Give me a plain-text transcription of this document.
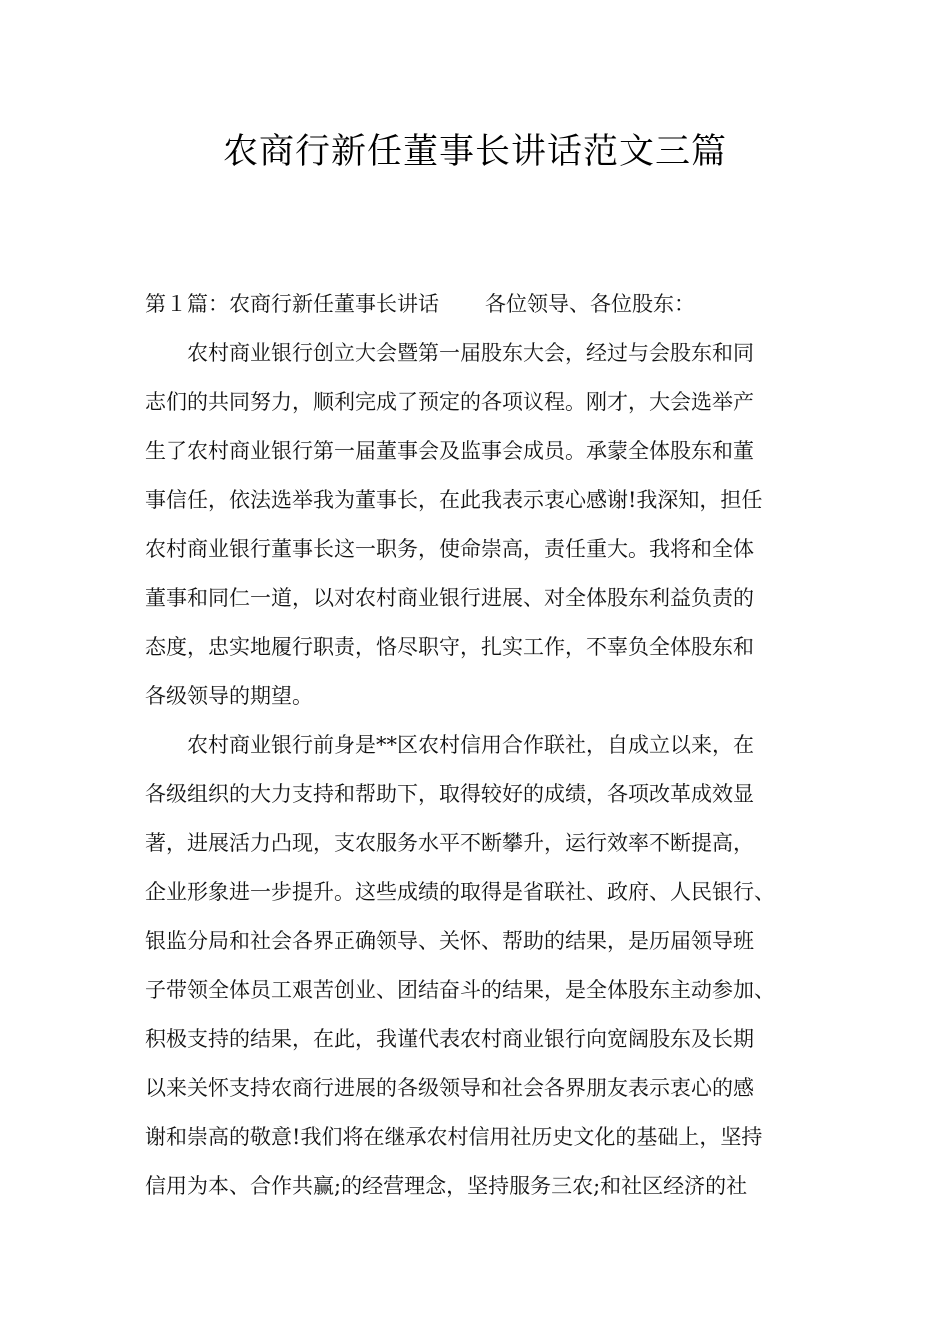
农商行新任董事长讲话范文三篇
第１篇：农商行新任董事长讲话 各位领导、各位股东：
农村商业银行创立大会暨第一届股东大会，经过与会股东和同
志们的共同努力，顺利完成了预定的各项议程。刚才，大会选举产
生了农村商业银行第一届董事会及监事会成员。承蒙全体股东和董
事信任，依法选举我为董事长，在此我表示衷心感谢!我深知，担任
农村商业银行董事长这一职务，使命崇高，责任重大。我将和全体
董事和同仁一道，以对农村商业银行进展、对全体股东利益负责的
态度，忠实地履行职责，恪尽职守，扎实工作，不辜负全体股东和
各级领导的期望。
农村商业银行前身是**区农村信用合作联社，自成立以来，在
各级组织的大力支持和帮助下，取得较好的成绩，各项改革成效显
著，进展活力凸现，支农服务水平不断攀升，运行效率不断提高，
企业形象进一步提升。这些成绩的取得是省联社、政府、人民银行、
银监分局和社会各界正确领导、关怀、帮助的结果，是历届领导班
子带领全体员工艰苦创业、团结奋斗的结果，是全体股东主动参加、
积极支持的结果，在此，我谨代表农村商业银行向宽阔股东及长期
以来关怀支持农商行进展的各级领导和社会各界朋友表示衷心的感
谢和崇高的敬意!我们将在继承农村信用社历史文化的基础上，坚持
信用为本、合作共赢;的经营理念，坚持服务三农;和社区经济的社
